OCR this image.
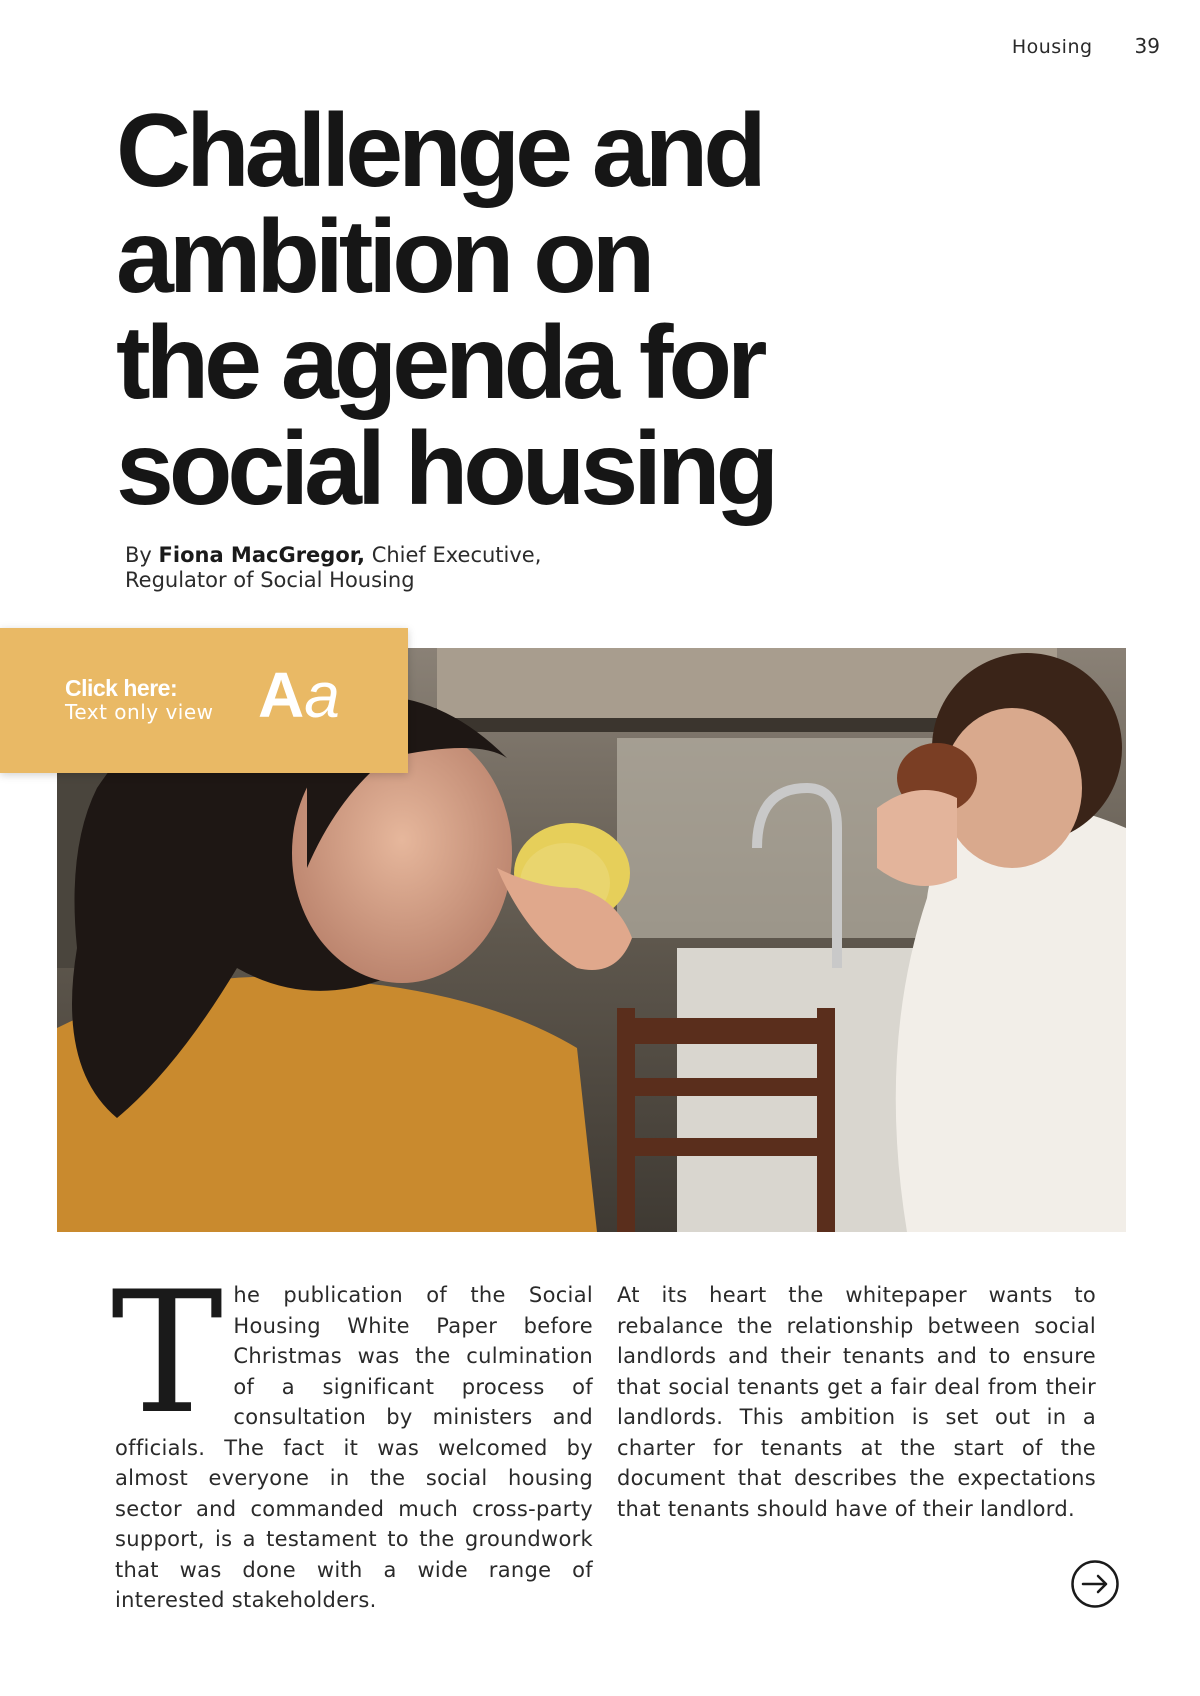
Housing 39
Challenge and
ambition on
the agenda for
social housing
By Fiona MacGregor, Chief Executive,
Regulator of Social Housing
Click here:
Text only view Aa
T he publication of the Social Housing White Paper before Christmas was the culmination of a significant process of consultation by ministers and officials. The fact it was welcomed by almost everyone in the social housing sector and commanded much cross-party support, is a testament to the groundwork that was done with a wide range of interested stakeholders.
At its heart the whitepaper wants to rebalance the relationship between social landlords and their tenants and to ensure that social tenants get a fair deal from their landlords. This ambition is set out in a charter for tenants at the start of the document that describes the expectations that tenants should have of their landlord.
